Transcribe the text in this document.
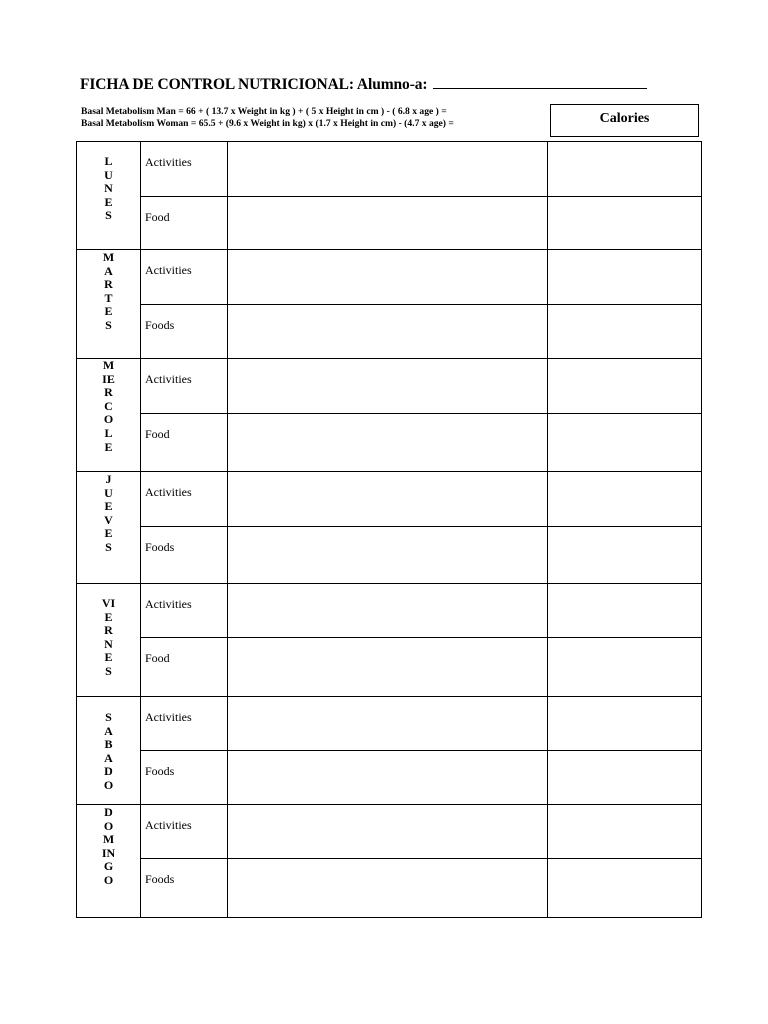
FICHA DE CONTROL NUTRICIONAL: Alumno-a:
Basal Metabolism Man = 66 + ( 13.7 x Weight in kg ) + ( 5 x Height in cm ) - ( 6.8 x age ) =
Basal Metabolism Woman = 65.5 + (9.6 x Weight in kg) x (1.7 x Height in cm) - (4.7 x age) =	Calories
LUNES	Activities		
	Food		
MARTES	Activities		
	Foods		
MIERCOLE	Activities		
	Food		
JUEVES	Activities		
	Foods		
VIERNES	Activities		
	Food		
SABADO	Activities		
	Foods		
DOMINGO	Activities		
	Foods		
